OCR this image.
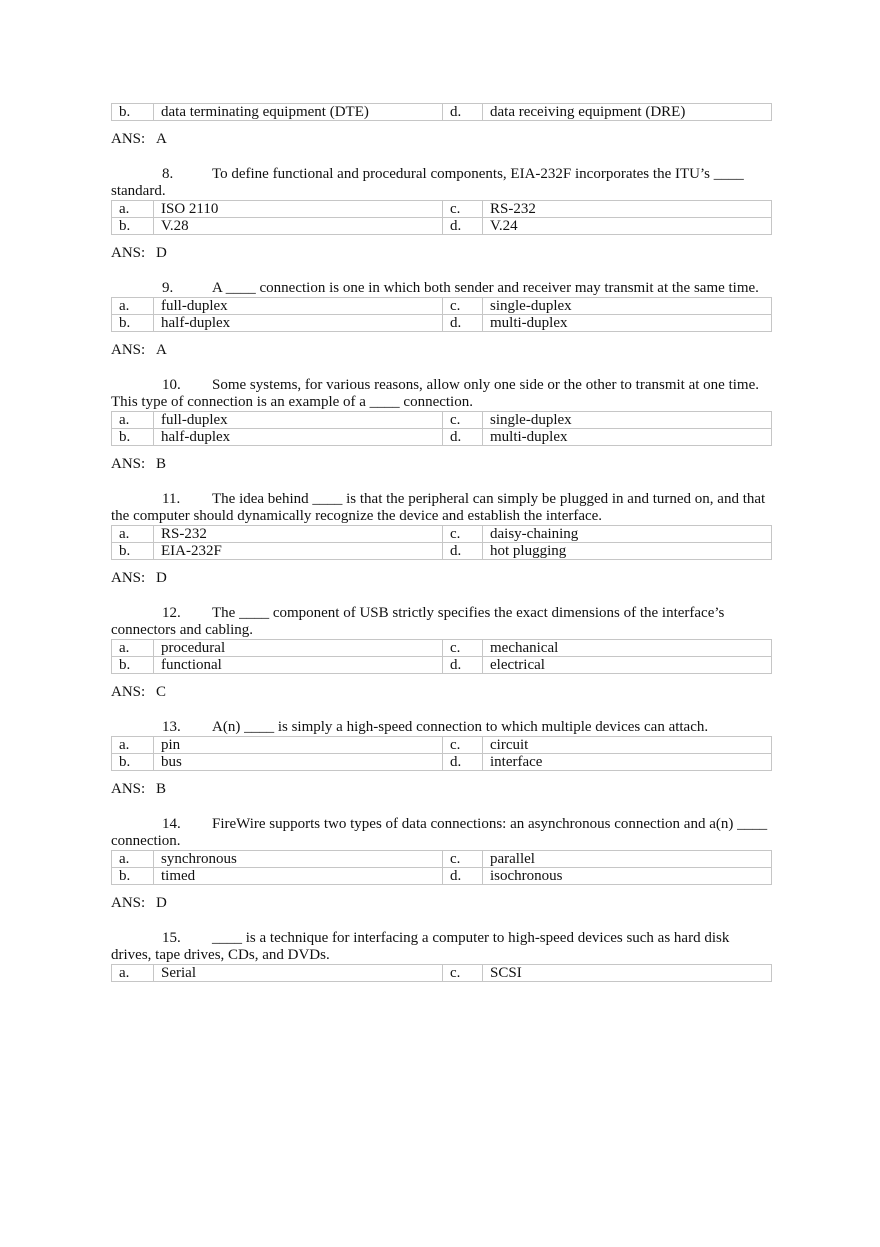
b.	data terminating equipment (DTE)	d.	data receiving equipment (DRE)
ANS: A

8.	To define functional and procedural components, EIA-232F incorporates the ITU’s ____ standard.

a.	ISO 2110	c.	RS-232
b.	V.28	d.	V.24
ANS: D

9.	A ____ connection is one in which both sender and receiver may transmit at the same time.

a.	full-duplex	c.	single-duplex
b.	half-duplex	d.	multi-duplex
ANS: A

10. Some systems, for various reasons, allow only one side or the other to transmit at one time. This type of connection is an example of a ____ connection.

a.	full-duplex	c.	single-duplex
b.	half-duplex	d.	multi-duplex
ANS: B

11. The idea behind ____ is that the peripheral can simply be plugged in and turned on, and that the computer should dynamically recognize the device and establish the interface.

a.	RS-232	c.	daisy-chaining
b.	EIA-232F	d.	hot plugging
ANS: D

12. The ____ component of USB strictly specifies the exact dimensions of the interface’s connectors and cabling.

a.	procedural	c.	mechanical
b.	functional	d.	electrical
ANS: C

13. A(n) ____ is simply a high-speed connection to which multiple devices can attach.

a.	pin	c.	circuit
b.	bus	d.	interface
ANS: B

14. FireWire supports two types of data connections: an asynchronous connection and a(n) ____ connection.

a.	synchronous	c.	parallel
b.	timed	d.	isochronous
ANS: D

15. ____ is a technique for interfacing a computer to high-speed devices such as hard disk drives, tape drives, CDs, and DVDs.

a.	Serial	c.	SCSI
